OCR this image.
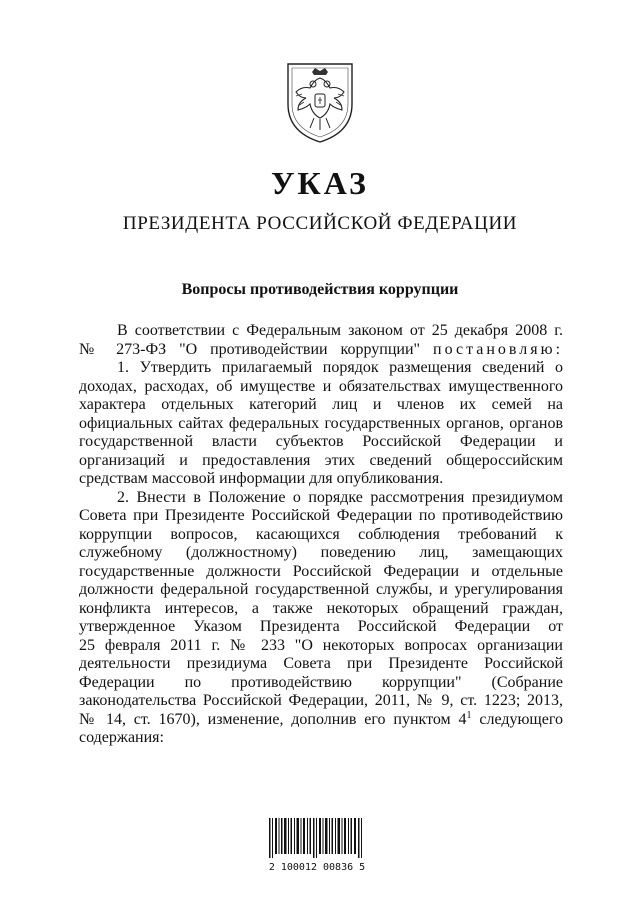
УКАЗ
ПРЕЗИДЕНТА РОССИЙСКОЙ ФЕДЕРАЦИИ
Вопросы противодействия коррупции
В соответствии с Федеральным законом от 25 декабря 2008 г.
№ 273-ФЗ "О противодействии коррупции" постановляю:
1. Утвердить прилагаемый порядок размещения сведений о
доходах, расходах, об имуществе и обязательствах имущественного
характера отдельных категорий лиц и членов их семей на
официальных сайтах федеральных государственных органов, органов
государственной власти субъектов Российской Федерации и
организаций и предоставления этих сведений общероссийским
средствам массовой информации для опубликования.
2. Внести в Положение о порядке рассмотрения президиумом
Совета при Президенте Российской Федерации по противодействию
коррупции вопросов, касающихся соблюдения требований к
служебному (должностному) поведению лиц, замещающих
государственные должности Российской Федерации и отдельные
должности федеральной государственной службы, и урегулирования
конфликта интересов, а также некоторых обращений граждан,
утвержденное Указом Президента Российской Федерации от
25 февраля 2011 г. № 233 "О некоторых вопросах организации
деятельности президиума Совета при Президенте Российской
Федерации по противодействию коррупции" (Собрание
законодательства Российской Федерации, 2011, № 9, ст. 1223; 2013,
№ 14, ст. 1670), изменение, дополнив его пунктом $4^1$ следующего
содержания:
2 100012 00836 5
